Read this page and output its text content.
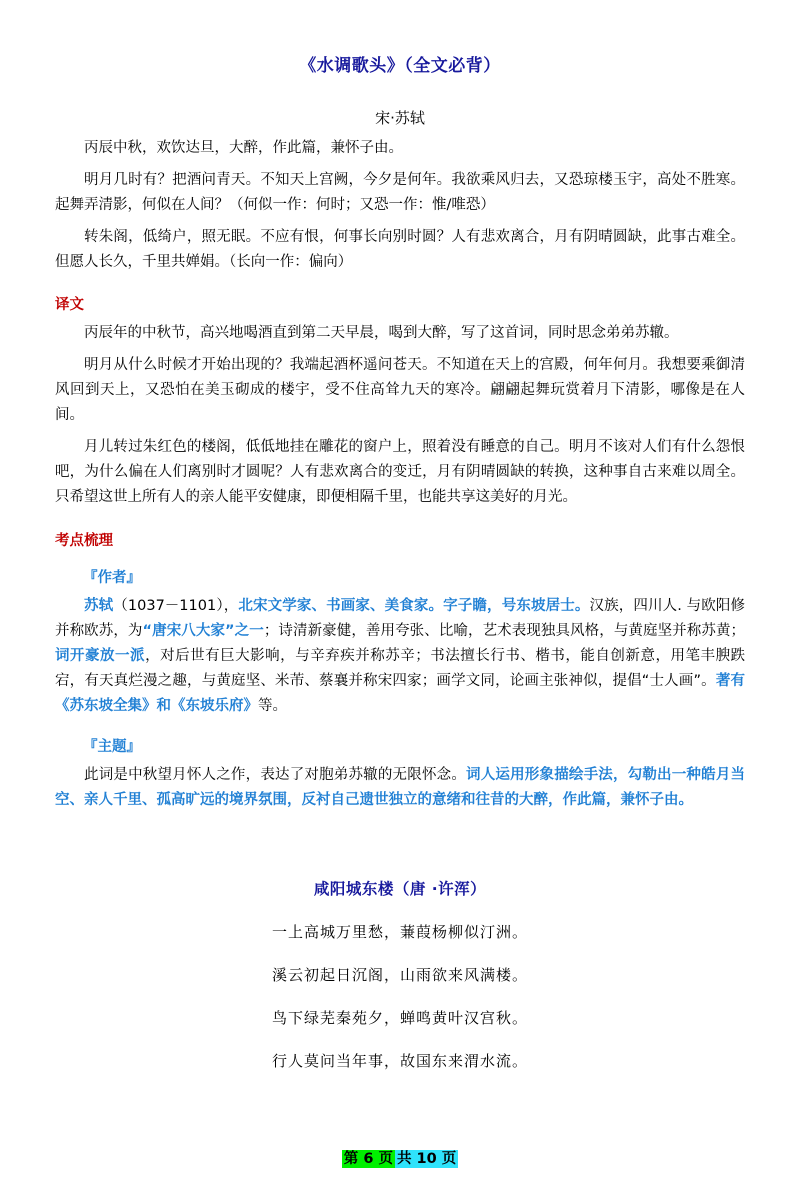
《水调歌头》（全文必背）
宋·苏轼
丙辰中秋，欢饮达旦，大醉，作此篇，兼怀子由。
明月几时有？把酒问青天。不知天上宫阙，今夕是何年。我欲乘风归去，又恐琼楼玉宇，高处不胜寒。起舞弄清影，何似在人间？（何似一作：何时；又恐一作：惟/唯恐）
转朱阁，低绮户，照无眠。不应有恨，何事长向别时圆？人有悲欢离合，月有阴晴圆缺，此事古难全。但愿人长久，千里共婵娟。（长向一作：偏向）
译文
丙辰年的中秋节，高兴地喝酒直到第二天早晨，喝到大醉，写了这首词，同时思念弟弟苏辙。
明月从什么时候才开始出现的？我端起酒杯遥问苍天。不知道在天上的宫殿，何年何月。我想要乘御清风回到天上，又恐怕在美玉砌成的楼宇，受不住高耸九天的寒冷。翩翩起舞玩赏着月下清影，哪像是在人间。
月儿转过朱红色的楼阁，低低地挂在雕花的窗户上，照着没有睡意的自己。明月不该对人们有什么怨恨吧，为什么偏在人们离别时才圆呢？人有悲欢离合的变迁，月有阴晴圆缺的转换，这种事自古来难以周全。只希望这世上所有人的亲人能平安健康，即便相隔千里，也能共享这美好的月光。
考点梳理
『作者』
苏轼（1037－1101），北宋文学家、书画家、美食家。字子瞻，号东坡居士。汉族，四川人. 与欧阳修并称欧苏，为“唐宋八大家”之一；诗清新豪健，善用夸张、比喻，艺术表现独具风格，与黄庭坚并称苏黄；词开豪放一派，对后世有巨大影响，与辛弃疾并称苏辛；书法擅长行书、楷书，能自创新意，用笔丰腴跌宕，有天真烂漫之趣，与黄庭坚、米芾、蔡襄并称宋四家；画学文同，论画主张神似，提倡“士人画”。著有《苏东坡全集》和《东坡乐府》等。
『主题』
此词是中秋望月怀人之作，表达了对胞弟苏辙的无限怀念。词人运用形象描绘手法，勾勒出一种皓月当空、亲人千里、孤高旷远的境界氛围，反衬自己遗世独立的意绪和往昔的大醉，作此篇，兼怀子由。
咸阳城东楼（唐 ·许浑）
一上高城万里愁，蒹葭杨柳似汀洲。
溪云初起日沉阁，山雨欲来风满楼。
鸟下绿芜秦苑夕，蝉鸣黄叶汉宫秋。
行人莫问当年事，故国东来渭水流。
第 6 页 共 10 页
